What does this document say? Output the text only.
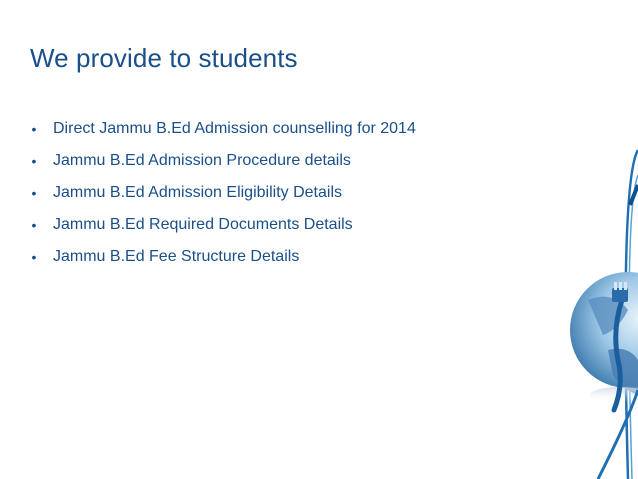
We provide to students
• Direct Jammu B.Ed Admission counselling for 2014
• Jammu B.Ed Admission Procedure details
• Jammu B.Ed Admission Eligibility Details
• Jammu B.Ed Required Documents Details
• Jammu B.Ed Fee Structure Details
